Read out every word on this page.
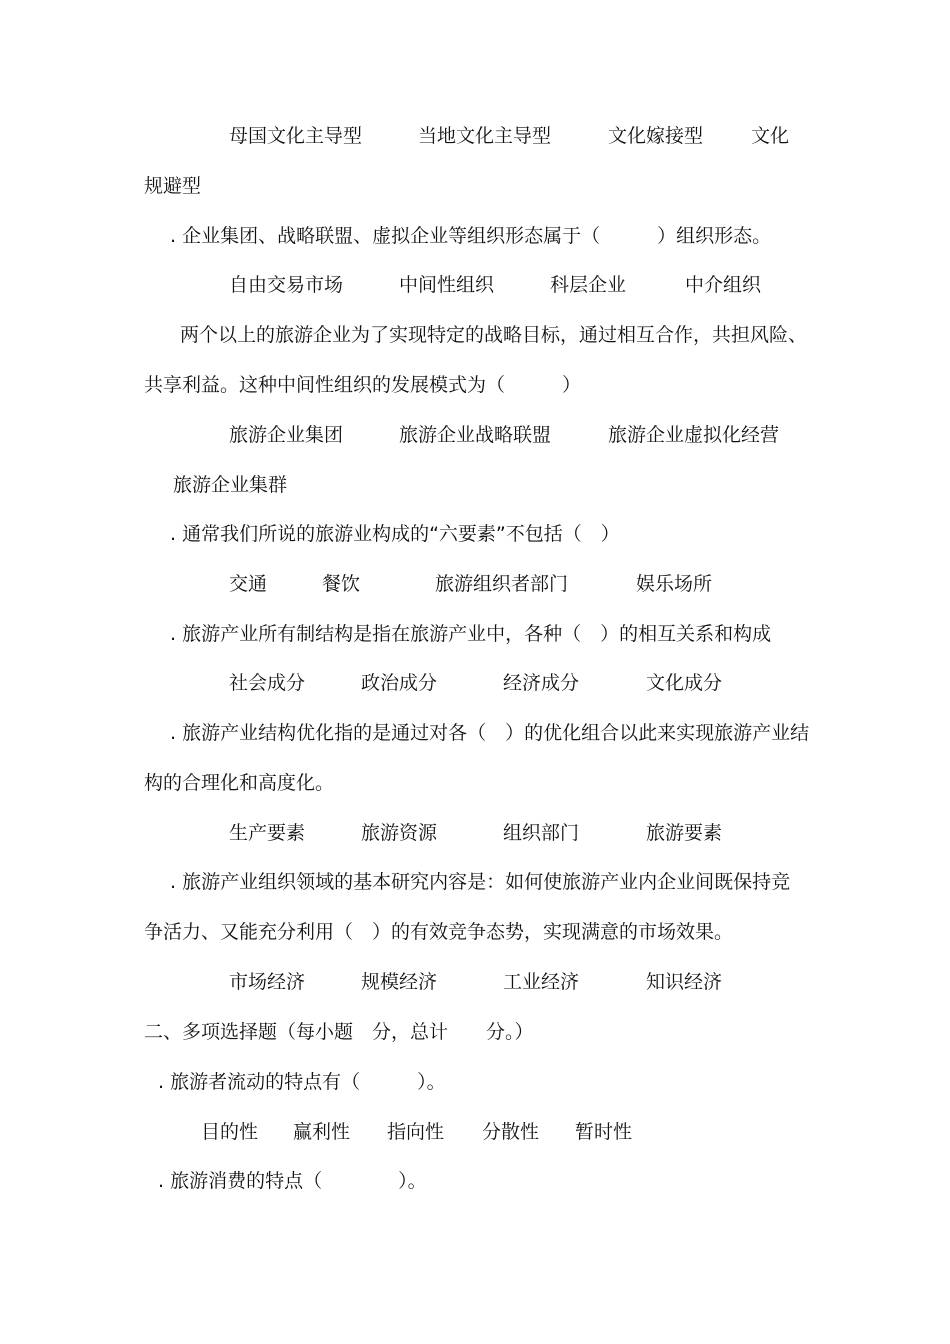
母国文化主导型	当地文化主导型	文化嫁接型	文化
规避型
. 企业集团、战略联盟、虚拟企业等组织形态属于（　　　）组织形态。
自由交易市场	中间性组织	科层企业	中介组织
两个以上的旅游企业为了实现特定的战略目标，通过相互合作，共担风险、
共享利益。这种中间性组织的发展模式为（　　　）
旅游企业集团	旅游企业战略联盟	旅游企业虚拟化经营
旅游企业集群
. 通常我们所说的旅游业构成的“六要素”不包括（　）
交通	餐饮	旅游组织者部门	娱乐场所
. 旅游产业所有制结构是指在旅游产业中，各种（　）的相互关系和构成
社会成分	政治成分	经济成分	文化成分
. 旅游产业结构优化指的是通过对各（　）的优化组合以此来实现旅游产业结
构的合理化和高度化。
生产要素	旅游资源	组织部门	旅游要素
. 旅游产业组织领域的基本研究内容是：如何使旅游产业内企业间既保持竞
争活力、又能充分利用（　）的有效竞争态势，实现满意的市场效果。
市场经济	规模经济	工业经济	知识经济
二、多项选择题（每小题　分，总计　　分。）
. 旅游者流动的特点有（　　　）。
目的性 赢利性 指向性 分散性 暂时性
. 旅游消费的特点（　　　　）。
